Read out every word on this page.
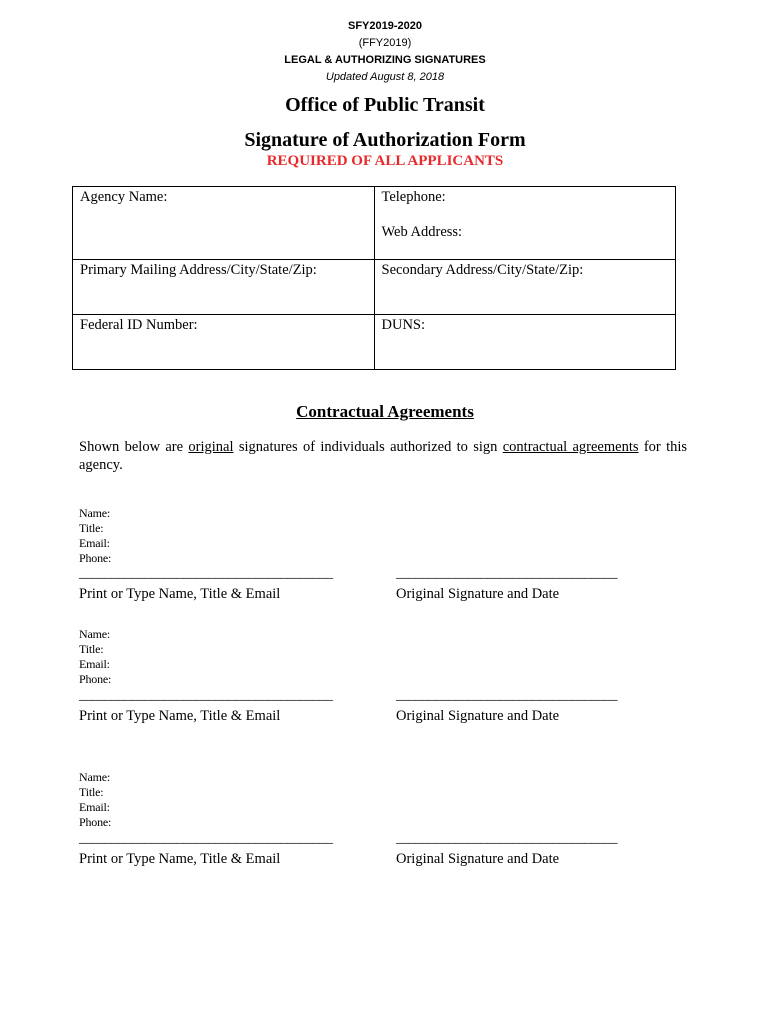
SFY2019-2020
(FFY2019)
LEGAL & AUTHORIZING SIGNATURES
Updated August 8, 2018
Office of Public Transit
Signature of Authorization Form
REQUIRED OF ALL APPLICANTS
Agency Name:	Telephone:
Web Address:

Primary Mailing Address/City/State/Zip:	Secondary Address/City/State/Zip:
Federal ID Number:	DUNS:
Contractual Agreements
Shown below are original signatures of individuals authorized to sign contractual agreements for this agency.
Name:
Title:
Email:
Phone:
_______________________________________	__________________________________
Print or Type Name, Title & Email	Original Signature and Date
Name:
Title:
Email:
Phone:
_______________________________________	__________________________________
Print or Type Name, Title & Email	Original Signature and Date
Name:
Title:
Email:
Phone:
_______________________________________	__________________________________
Print or Type Name, Title & Email	Original Signature and Date
